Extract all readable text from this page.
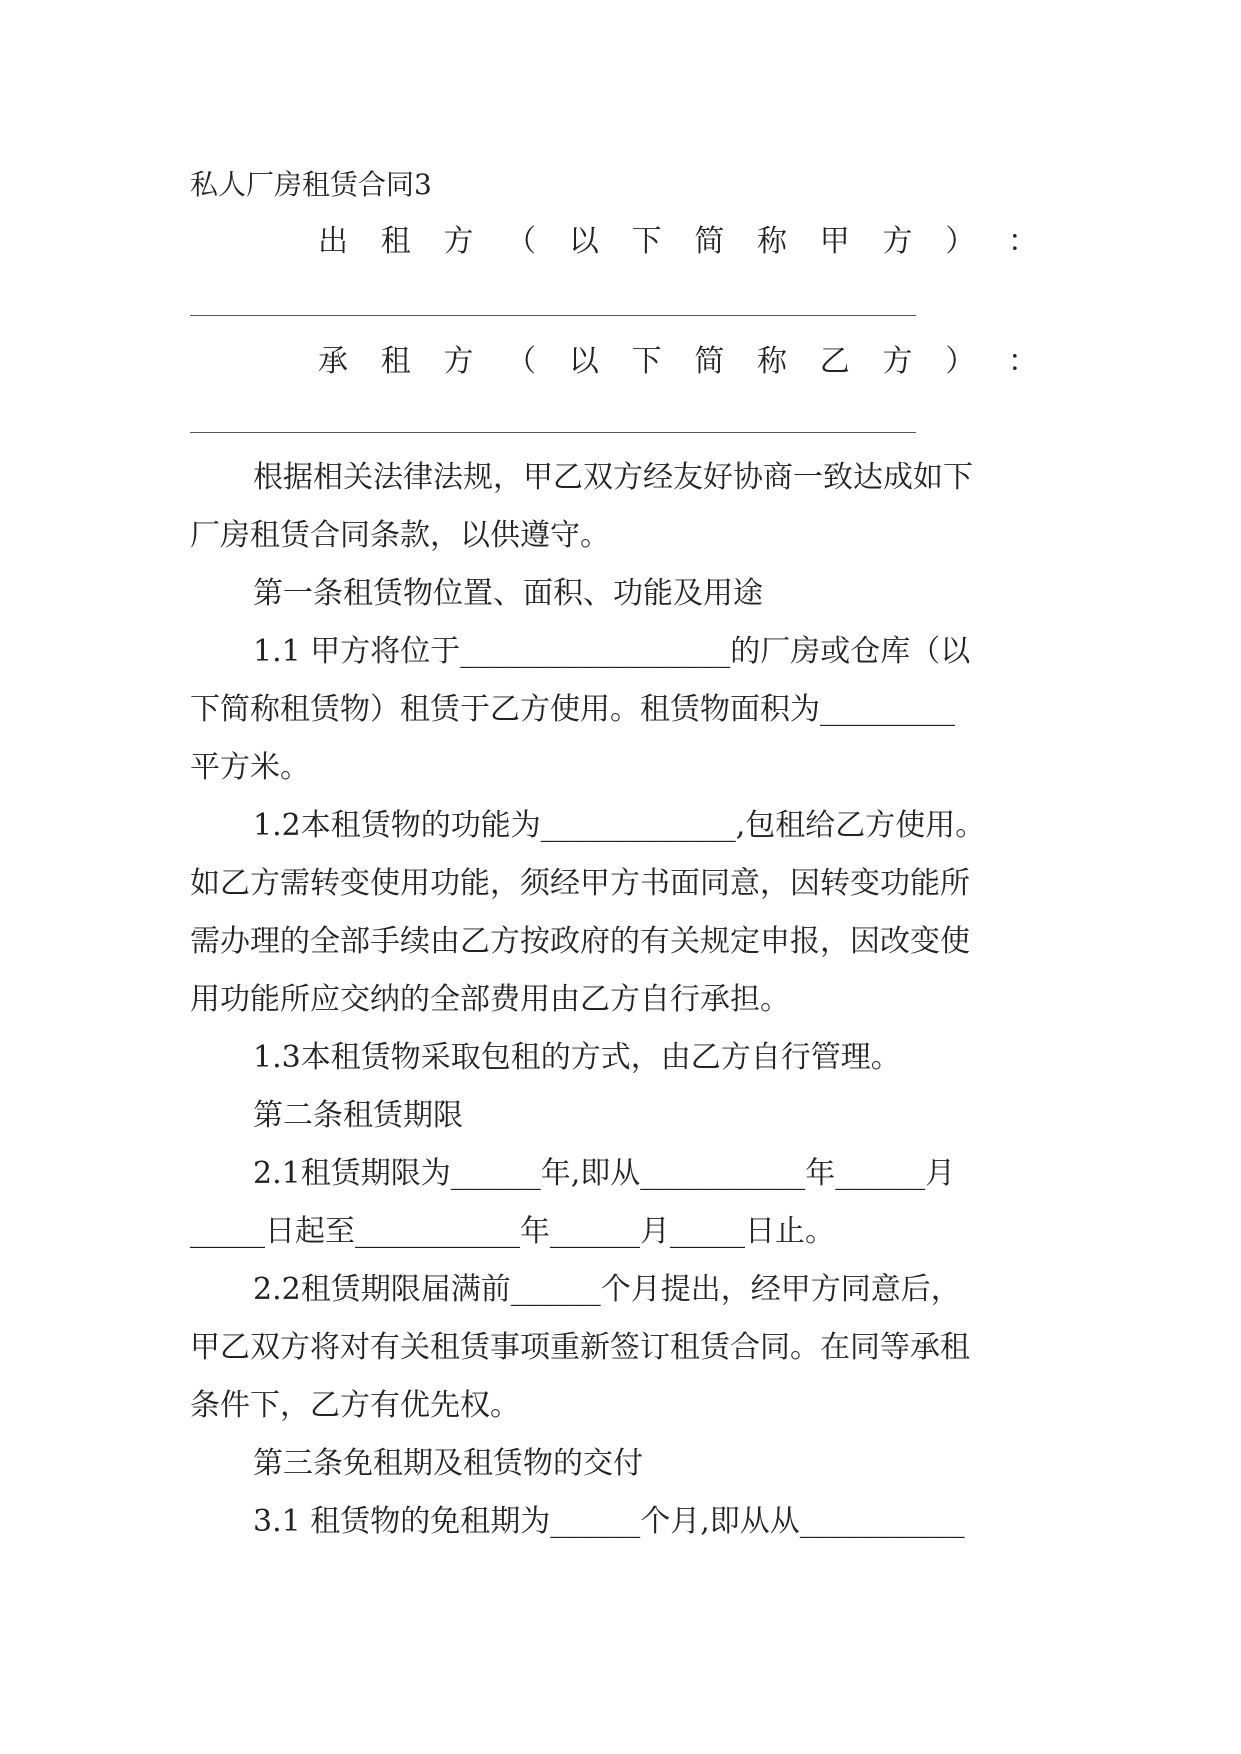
私人厂房租赁合同3
出 租 方 （ 以 下 简 称 甲 方 ） ：
承 租 方 （ 以 下 简 称 乙 方 ） ：
根据相关法律法规，甲乙双方经友好协商一致达成如下
厂房租赁合同条款，以供遵守。
第一条租赁物位置、面积、功能及用途
1.1 甲方将位于__________________的厂房或仓库（以
下简称租赁物）租赁于乙方使用。租赁物面积为_________
平方米。
1.2本租赁物的功能为_____________,包租给乙方使用。
如乙方需转变使用功能，须经甲方书面同意，因转变功能所
需办理的全部手续由乙方按政府的有关规定申报，因改变使
用功能所应交纳的全部费用由乙方自行承担。
1.3本租赁物采取包租的方式，由乙方自行管理。
第二条租赁期限
2.1租赁期限为______年,即从___________年______月
_____日起至___________年______月_____日止。
2.2租赁期限届满前______个月提出，经甲方同意后，
甲乙双方将对有关租赁事项重新签订租赁合同。在同等承租
条件下，乙方有优先权。
第三条免租期及租赁物的交付
3.1 租赁物的免租期为______个月,即从从___________
